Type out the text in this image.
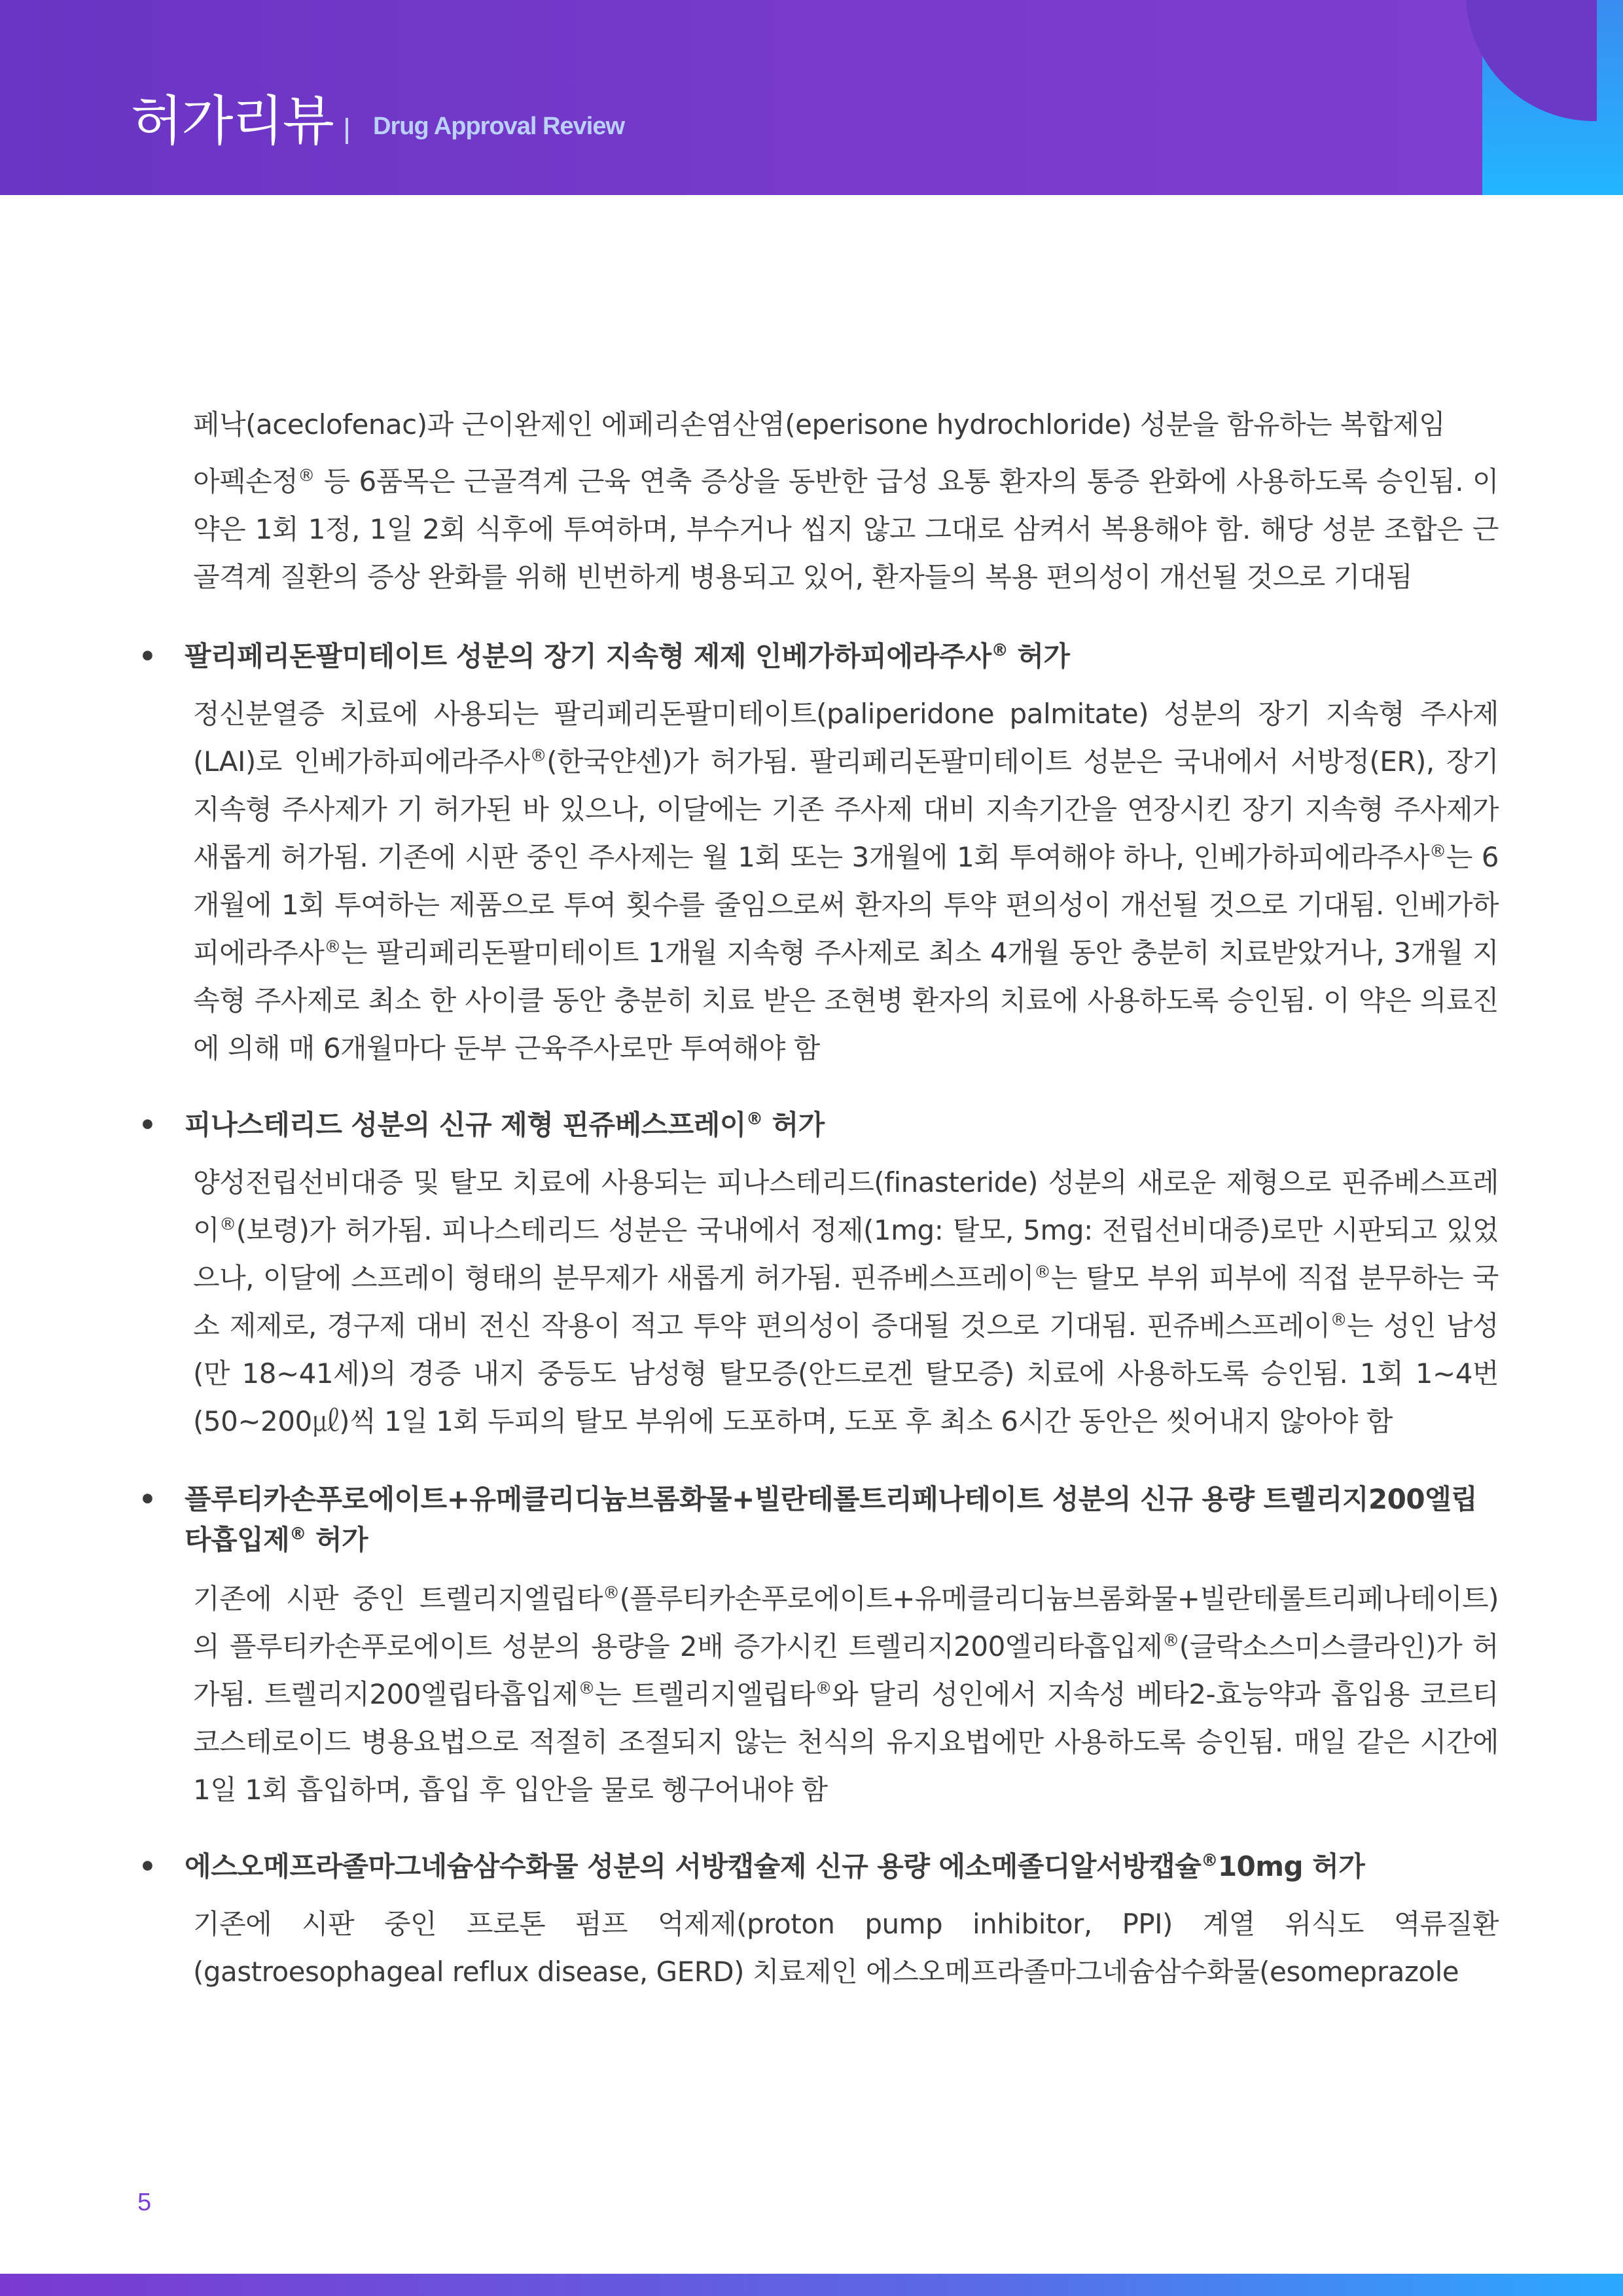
허가리뷰 Drug Approval Review

페낙(aceclofenac)과 근이완제인 에페리손염산염(eperisone hydrochloride) 성분을 함유하는 복합제임

아펙손정® 등 6품목은 근골격계 근육 연축 증상을 동반한 급성 요통 환자의 통증 완화에 사용하도록 승인됨. 이 약은 1회 1정, 1일 2회 식후에 투여하며, 부수거나 씹지 않고 그대로 삼켜서 복용해야 함. 해당 성분 조합은 근골격계 질환의 증상 완화를 위해 빈번하게 병용되고 있어, 환자들의 복용 편의성이 개선될 것으로 기대됨

• 팔리페리돈팔미테이트 성분의 장기 지속형 제제 인베가하피에라주사® 허가

정신분열증 치료에 사용되는 팔리페리돈팔미테이트(paliperidone palmitate) 성분의 장기 지속형 주사제(LAI)로 인베가하피에라주사®(한국얀센)가 허가됨. 팔리페리돈팔미테이트 성분은 국내에서 서방정(ER), 장기 지속형 주사제가 기 허가된 바 있으나, 이달에는 기존 주사제 대비 지속기간을 연장시킨 장기 지속형 주사제가 새롭게 허가됨. 기존에 시판 중인 주사제는 월 1회 또는 3개월에 1회 투여해야 하나, 인베가하피에라주사®는 6개월에 1회 투여하는 제품으로 투여 횟수를 줄임으로써 환자의 투약 편의성이 개선될 것으로 기대됨. 인베가하피에라주사®는 팔리페리돈팔미테이트 1개월 지속형 주사제로 최소 4개월 동안 충분히 치료받았거나, 3개월 지속형 주사제로 최소 한 사이클 동안 충분히 치료 받은 조현병 환자의 치료에 사용하도록 승인됨. 이 약은 의료진에 의해 매 6개월마다 둔부 근육주사로만 투여해야 함

• 피나스테리드 성분의 신규 제형 핀쥬베스프레이® 허가

양성전립선비대증 및 탈모 치료에 사용되는 피나스테리드(finasteride) 성분의 새로운 제형으로 핀쥬베스프레이®(보령)가 허가됨. 피나스테리드 성분은 국내에서 정제(1mg: 탈모, 5mg: 전립선비대증)로만 시판되고 있었으나, 이달에 스프레이 형태의 분무제가 새롭게 허가됨. 핀쥬베스프레이®는 탈모 부위 피부에 직접 분무하는 국소 제제로, 경구제 대비 전신 작용이 적고 투약 편의성이 증대될 것으로 기대됨. 핀쥬베스프레이®는 성인 남성(만 18~41세)의 경증 내지 중등도 남성형 탈모증(안드로겐 탈모증) 치료에 사용하도록 승인됨. 1회 1~4번(50~200㎕)씩 1일 1회 두피의 탈모 부위에 도포하며, 도포 후 최소 6시간 동안은 씻어내지 않아야 함

• 플루티카손푸로에이트+유메클리디늄브롬화물+빌란테롤트리페나테이트 성분의 신규 용량 트렐리지200엘립타흡입제® 허가

기존에 시판 중인 트렐리지엘립타®(플루티카손푸로에이트+유메클리디늄브롬화물+빌란테롤트리페나테이트)의 플루티카손푸로에이트 성분의 용량을 2배 증가시킨 트렐리지200엘리타흡입제®(글락소스미스클라인)가 허가됨. 트렐리지200엘립타흡입제®는 트렐리지엘립타®와 달리 성인에서 지속성 베타2-효능약과 흡입용 코르티코스테로이드 병용요법으로 적절히 조절되지 않는 천식의 유지요법에만 사용하도록 승인됨. 매일 같은 시간에 1일 1회 흡입하며, 흡입 후 입안을 물로 헹구어내야 함

• 에스오메프라졸마그네슘삼수화물 성분의 서방캡슐제 신규 용량 에소메졸디알서방캡슐®10mg 허가

기존에 시판 중인 프로톤 펌프 억제제(proton pump inhibitor, PPI) 계열 위식도 역류질환(gastroesophageal reflux disease, GERD) 치료제인 에스오메프라졸마그네슘삼수화물(esomeprazole

5
